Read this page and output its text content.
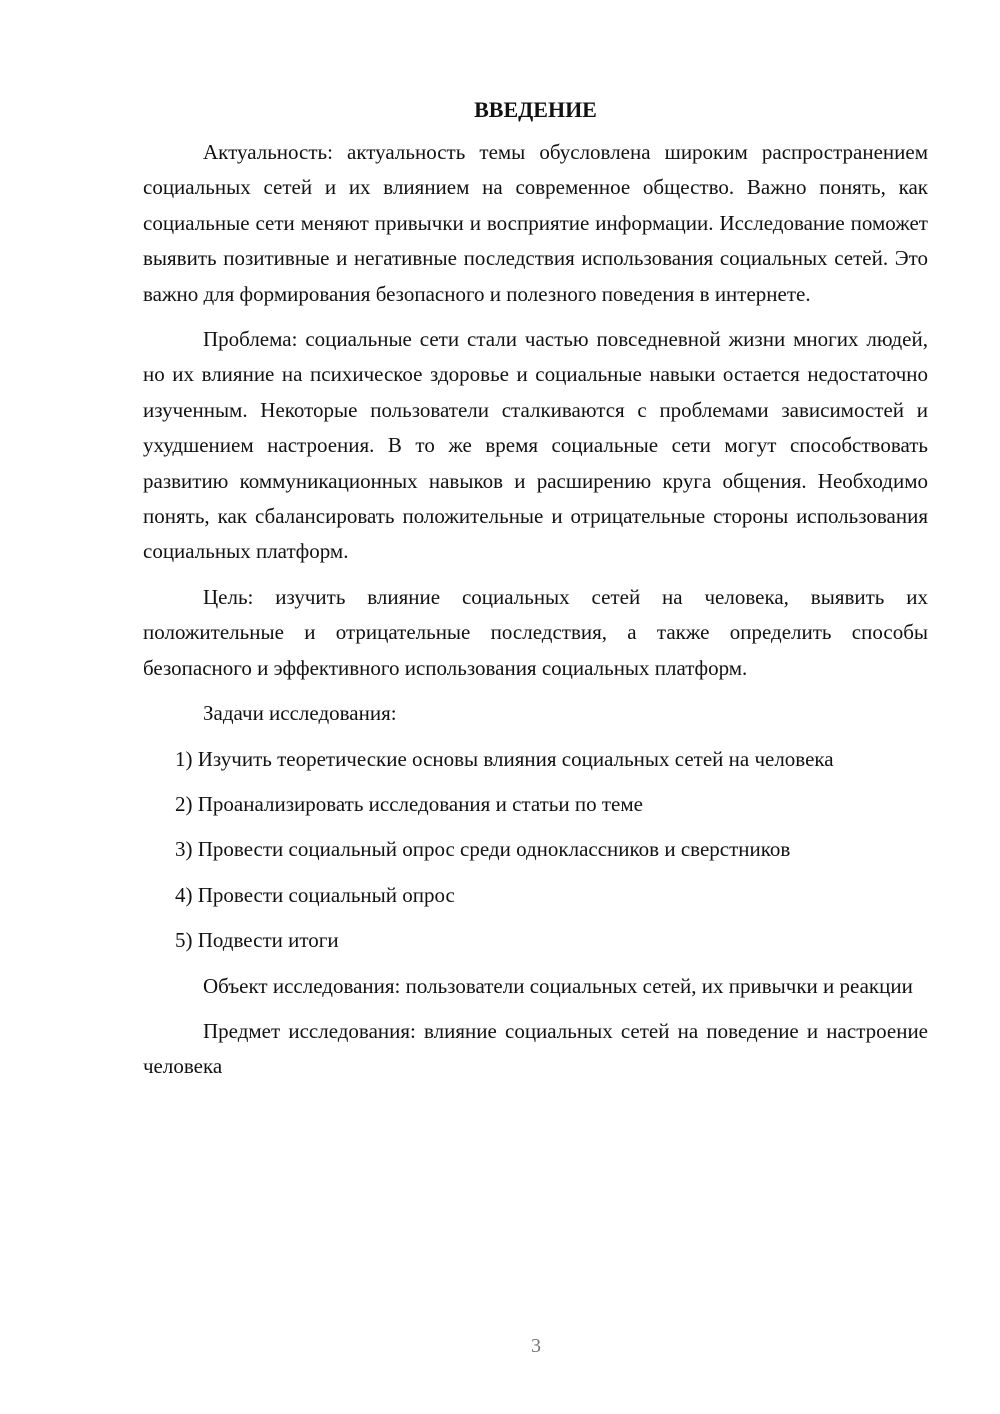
ВВЕДЕНИЕ

Актуальность: актуальность темы обусловлена широким распространением социальных сетей и их влиянием на современное общество. Важно понять, как социальные сети меняют привычки и восприятие информации. Исследование поможет выявить позитивные и негативные последствия использования социальных сетей. Это важно для формирования безопасного и полезного поведения в интернете.

Проблема: социальные сети стали частью повседневной жизни многих людей, но их влияние на психическое здоровье и социальные навыки остается недостаточно изученным. Некоторые пользователи сталкиваются с проблемами зависимостей и ухудшением настроения. В то же время социальные сети могут способствовать развитию коммуникационных навыков и расширению круга общения. Необходимо понять, как сбалансировать положительные и отрицательные стороны использования социальных платформ.

Цель: изучить влияние социальных сетей на человека, выявить их положительные и отрицательные последствия, а также определить способы безопасного и эффективного использования социальных платформ.

Задачи исследования:

1) Изучить теоретические основы влияния социальных сетей на человека

2) Проанализировать исследования и статьи по теме

3) Провести социальный опрос среди одноклассников и сверстников

4) Провести социальный опрос

5) Подвести итоги

Объект исследования: пользователи социальных сетей, их привычки и реакции

Предмет исследования: влияние социальных сетей на поведение и настроение человека

3
